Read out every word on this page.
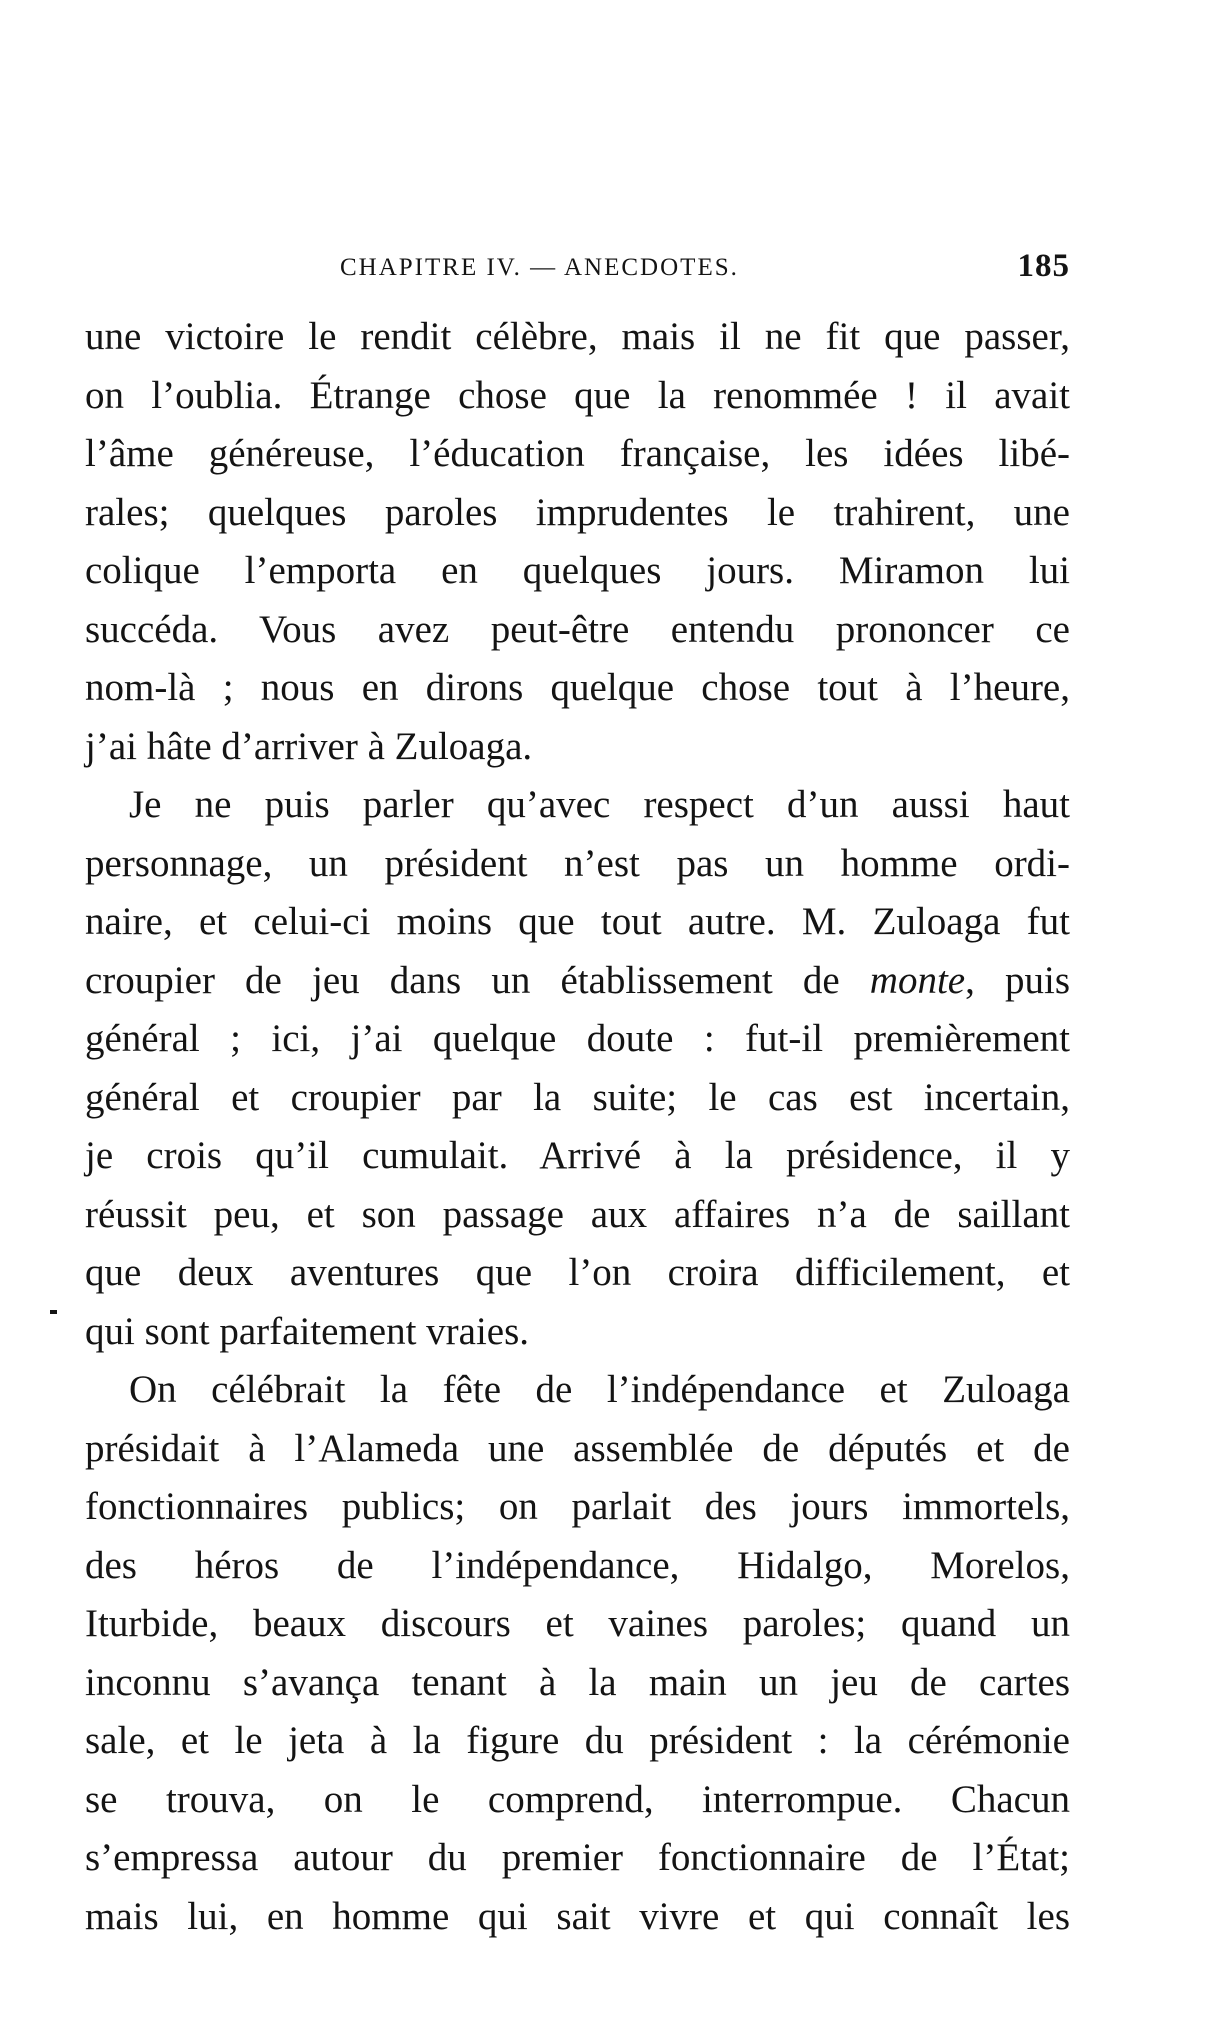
CHAPITRE IV. — ANECDOTES.	185
une victoire le rendit célèbre, mais il ne fit que passer,
on l’oublia. Étrange chose que la renommée ! il avait
l’âme généreuse, l’éducation française, les idées libé-
rales; quelques paroles imprudentes le trahirent, une
colique l’emporta en quelques jours. Miramon lui
succéda. Vous avez peut-être entendu prononcer ce
nom-là ; nous en dirons quelque chose tout à l’heure,
j’ai hâte d’arriver à Zuloaga.
Je ne puis parler qu’avec respect d’un aussi haut
personnage, un président n’est pas un homme ordi-
naire, et celui-ci moins que tout autre. M. Zuloaga fut
croupier de jeu dans un établissement de monte, puis
général ; ici, j’ai quelque doute : fut-il premièrement
général et croupier par la suite; le cas est incertain,
je crois qu’il cumulait. Arrivé à la présidence, il y
réussit peu, et son passage aux affaires n’a de saillant
que deux aventures que l’on croira difficilement, et
qui sont parfaitement vraies.
On célébrait la fête de l’indépendance et Zuloaga
présidait à l’Alameda une assemblée de députés et de
fonctionnaires publics; on parlait des jours immortels,
des héros de l’indépendance, Hidalgo, Morelos,
Iturbide, beaux discours et vaines paroles; quand un
inconnu s’avança tenant à la main un jeu de cartes
sale, et le jeta à la figure du président : la cérémonie
se trouva, on le comprend, interrompue. Chacun
s’empressa autour du premier fonctionnaire de l’État;
mais lui, en homme qui sait vivre et qui connaît les
